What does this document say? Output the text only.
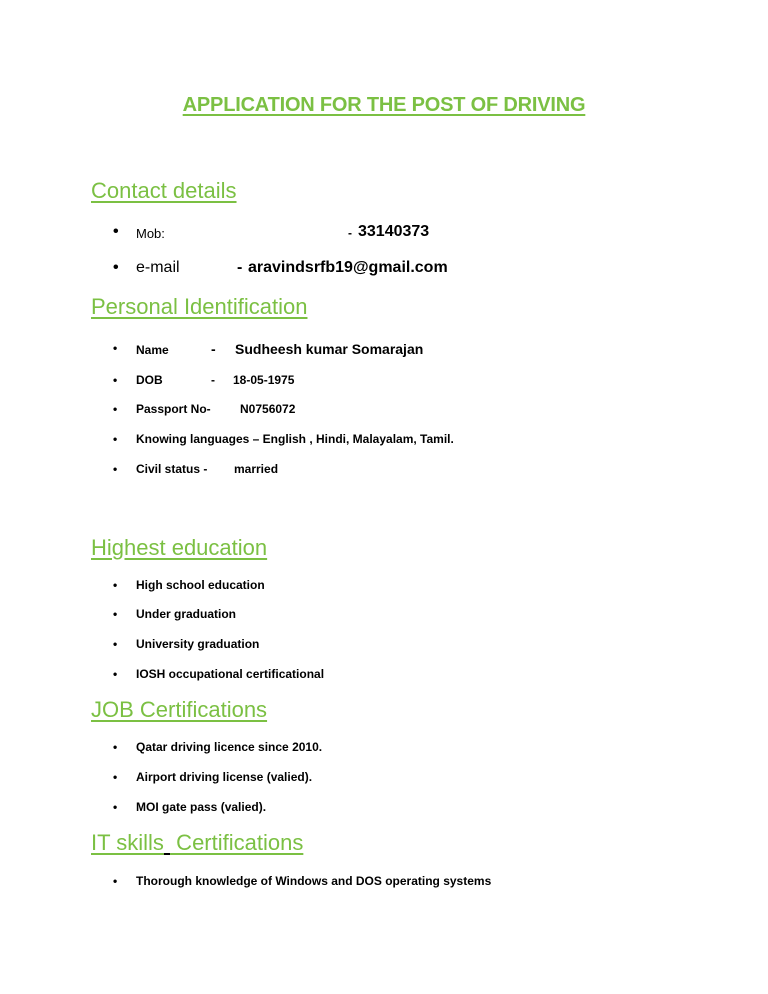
APPLICATION FOR THE POST OF DRIVING
Contact details
• Mob:	- 33140373
• e-mail	- aravindsrfb19@gmail.com
Personal Identification
• Name	- Sudheesh kumar Somarajan
• DOB	- 18-05-1975
• Passport No- N0756072
• Knowing languages – English , Hindi, Malayalam, Tamil.
• Civil status - married
Highest education
• High school education
• Under graduation
• University graduation
• IOSH occupational certificational
JOB Certifications
• Qatar driving licence since 2010.
• Airport driving license (valied).
• MOI gate pass (valied).
IT skills  Certifications
• Thorough knowledge of Windows and DOS operating systems
